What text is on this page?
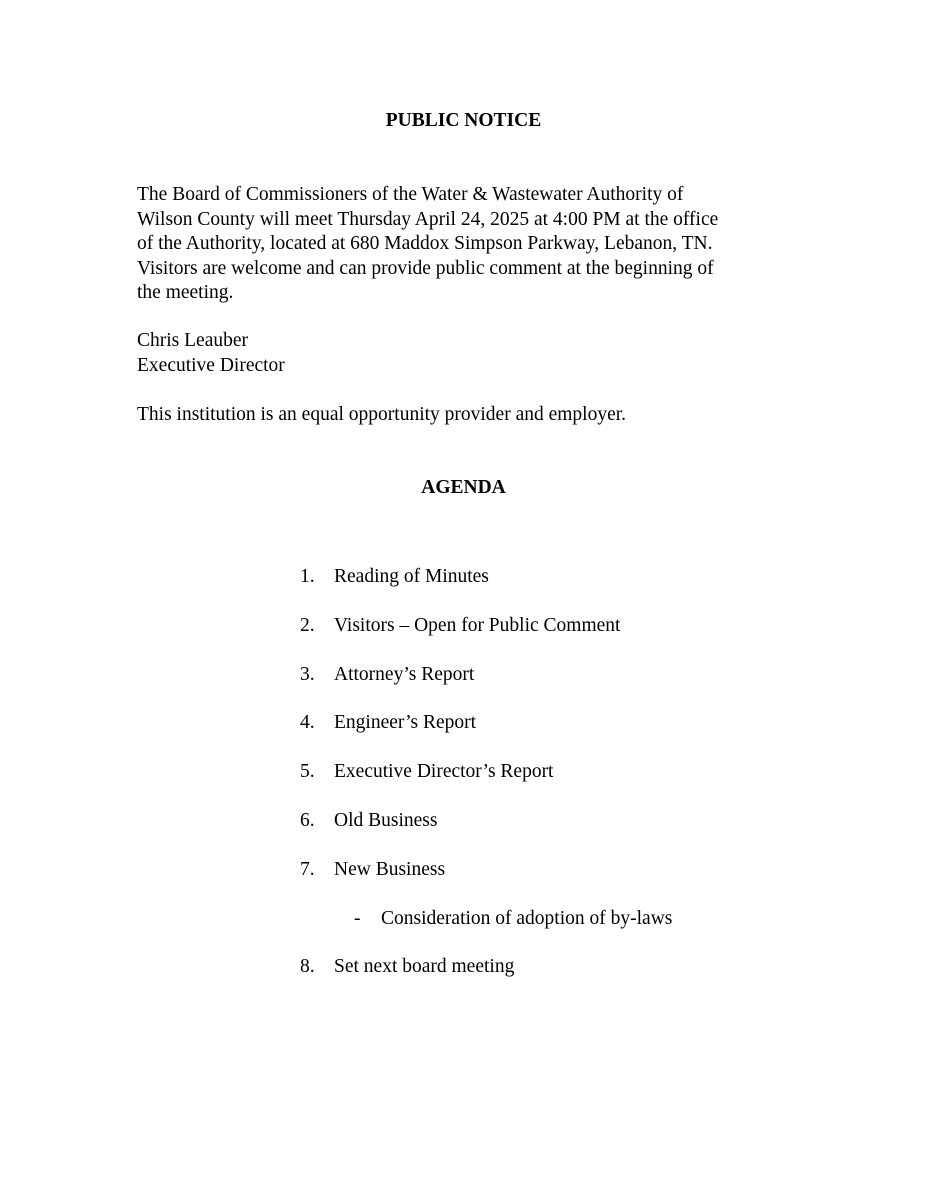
PUBLIC NOTICE
The Board of Commissioners of the Water & Wastewater Authority of
Wilson County will meet Thursday April 24, 2025 at 4:00 PM at the office
of the Authority, located at 680 Maddox Simpson Parkway, Lebanon, TN.
Visitors are welcome and can provide public comment at the beginning of
the meeting.
Chris Leauber
Executive Director
This institution is an equal opportunity provider and employer.
AGENDA
1. Reading of Minutes
2. Visitors – Open for Public Comment
3. Attorney’s Report
4. Engineer’s Report
5. Executive Director’s Report
6. Old Business
7. New Business
- Consideration of adoption of by-laws
8. Set next board meeting
